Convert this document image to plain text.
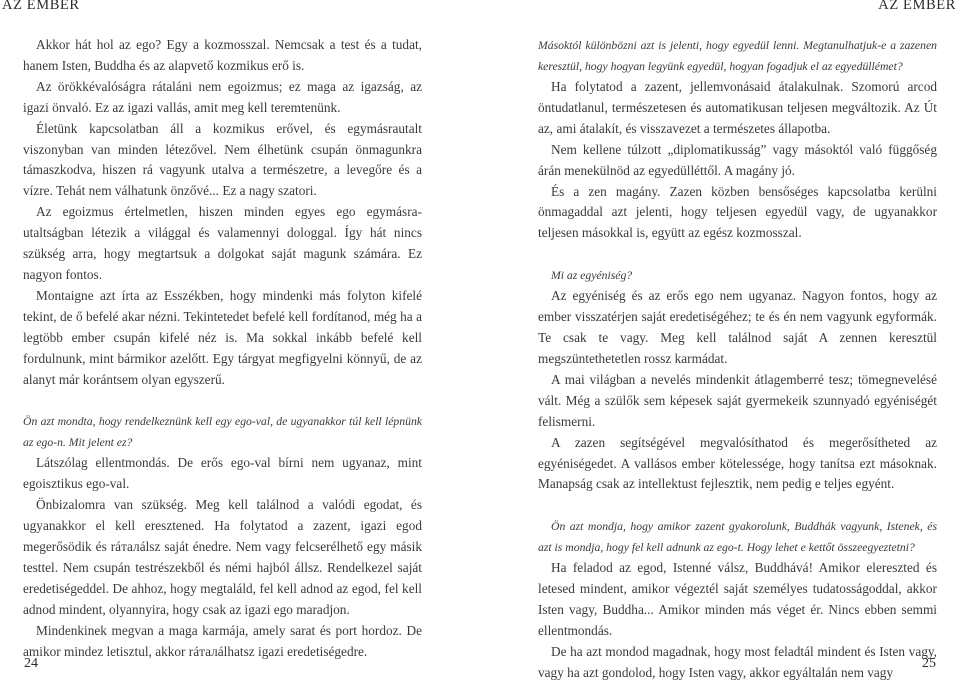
AZ EMBER	AZ EMBER

Akkor hát hol az ego? Egy a kozmosszal. Nemcsak a test és a tudat, hanem Isten, Buddha és az alapvető kozmikus erő is.

Az örökkévalóságra rátaláni nem egoizmus; ez maga az igazság, az igazi önvaló. Ez az igazi vallás, amit meg kell teremtenünk.

Életünk kapcsolatban áll a kozmikus erővel, és egymásrautalt viszonyban van minden létezővel. Nem élhetünk csupán önmagunkra támaszkodva, hiszen rá vagyunk utalva a természetre, a levegőre és a vízre. Tehát nem válhatunk önzővé... Ez a nagy szatori.

Az egoizmus értelmetlen, hiszen minden egyes ego egymásra-utaltságban létezik a világgal és valamennyi dologgal. Így hát nincs szükség arra, hogy megtartsuk a dolgokat saját magunk számára. Ez nagyon fontos.

Montaigne azt írta az Esszékben, hogy mindenki más folyton kifelé tekint, de ő befelé akar nézni. Tekintetedet befelé kell fordítanod, még ha a legtöbb ember csupán kifelé néz is. Ma sokkal inkább befelé kell fordulnunk, mint bármikor azelőtt. Egy tárgyat megfigyelni könnyű, de az alanyt már korántsem olyan egyszerű.

Ön azt mondta, hogy rendelkeznünk kell egy ego-val, de ugyanakkor túl kell lépnünk az ego-n. Mit jelent ez?

Látszólag ellentmondás. De erős ego-val bírni nem ugyanaz, mint egoisztikus ego-val.

Önbizalomra van szükség. Meg kell találnod a valódi egodat, és ugyanakkor el kell eresztened. Ha folytatod a zazent, igazi egod megerősödik és ráталálsz saját énedre. Nem vagy felcserélhető egy másik testtel. Nem csupán testrészekből és némi hajból állsz. Rendelkezel saját eredetiségeddel. De ahhoz, hogy megtaláld, fel kell adnod az egod, fel kell adnod mindent, olyannyira, hogy csak az igazi ego maradjon.

Mindenkinek megvan a maga karmája, amely sarat és port hordoz. De amikor mindez letisztul, akkor ráталálhatsz igazi eredetiségedre.

Másoktól különbözni azt is jelenti, hogy egyedül lenni. Megtanulhatjuk-e a zazenen keresztül, hogy hogyan legyünk egyedül, hogyan fogadjuk el az egyedülléтet?

Ha folytatod a zazent, jellemvonásaid átalakulnak. Szomorú arcod öntudatlanul, természetesen és automatikusan teljesen megváltozik. Az Út az, ami átalakít, és visszavezet a természetes állapotba.

Nem kellene túlzott „diplomatikusság” vagy másoktól való függőség árán menekülnöd az egyedülléttől. A magány jó.

És a zen magány. Zazen közben bensőséges kapcsolatba kerülni önmagaddal azt jelenti, hogy teljesen egyedül vagy, de ugyanakkor teljesen másokkal is, együtt az egész kozmosszal.

Mi az egyéniség?

Az egyéniség és az erős ego nem ugyanaz. Nagyon fontos, hogy az ember visszatérjen saját eredetiségéhez; te és én nem vagyunk egyformák. Te csak te vagy. Meg kell találnod saját A zennen keresztül megszüntethetetlen rossz karmádat.

A mai világban a nevelés mindenkit átlagemberré tesz; tömegnevelésé vált. Még a szülők sem képesek saját gyermekeik szunnyadó egyéniségét felismerni.

A zazen segítségével megvalósíthatod és megerősítheted az egyéniségedet. A vallásos ember kötelessége, hogy tanítsa ezt másoknak. Manapság csak az intellektust fejlesztik, nem pedig e teljes egyént.

Ön azt mondja, hogy amikor zazent gyakorolunk, Buddhák vagyunk, Istenek, és azt is mondja, hogy fel kell adnunk az ego-t. Hogy lehet e kettőt összeegyeztetni?

Ha feladod az egod, Istenné válsz, Buddhává! Amikor elereszted és letesed mindent, amikor végeztél saját személyes tudatosságoddal, akkor Isten vagy, Buddha... Amikor minden más véget ér. Nincs ebben semmi ellentmondás.

De ha azt mondod magadnak, hogy most feladtál mindent és Isten vagy, vagy ha azt gondolod, hogy Isten vagy, akkor egyáltalán nem vagy

24	25
